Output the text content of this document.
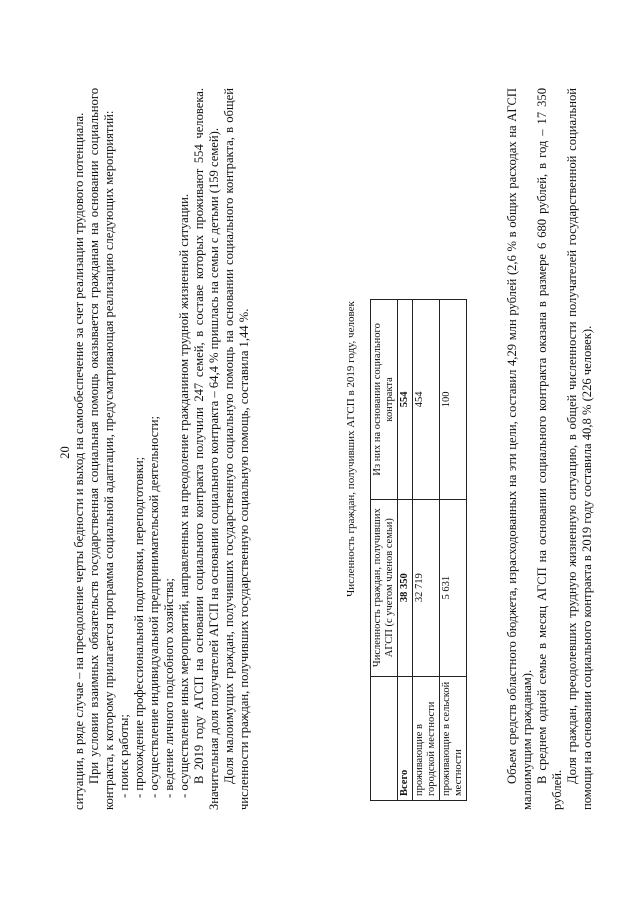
20 ситуации, в ряде случае – на преодоление черты бедности и выход на самообеспечение за счет реализации трудового потенциала. При условии взаимных обязательств государственная социальная помощь оказывается гражданам на основании социального контракта, к которому прилагается программа социальной адаптации, предусматривающая реализацию следующих мероприятий: - поиск работы; - прохождение профессиональной подготовки, переподготовки; - осуществление индивидуальной предпринимательской деятельности; - ведение личного подсобного хозяйства; - осуществление иных мероприятий, направленных на преодоление гражданином трудной жизненной ситуации. В 2019 году АГСП на основании социального контракта получили 247 семей, в составе которых проживают 554 человека. Значительная доля получателей АГСП на основании социального контракта – 64,4 % пришлась на семьи с детьми (159 семей). Доля малоимущих граждан, получивших государственную социальную помощь на основании социального контракта, в общей численности граждан, получивших государственную социальную помощь, составила 1,44 %.	Численность граждан, получивших АГСП в 2019 году, человек
	Численность граждан, получивших АГСП (с учетом членов семьи)	Из них на основании социального контракта
Всего	38 350	554
проживающие в городской местности	32 719	454
проживающие в сельской местности	5 631	100	Объем средств областного бюджета, израсходованных на эти цели, составил 4,29 млн рублей (2,6 % в общих расходах на АГСП малоимущим гражданам). В среднем одной семье в месяц АГСП на основании социального контракта оказана в размере 6 680 рублей, в год – 17 350 рублей.

Доля граждан, преодолевших трудную жизненную ситуацию, в общей численности получателей государственной социальной помощи на основании социального контракта в 2019 году составила 40,8 % (226 человек).
